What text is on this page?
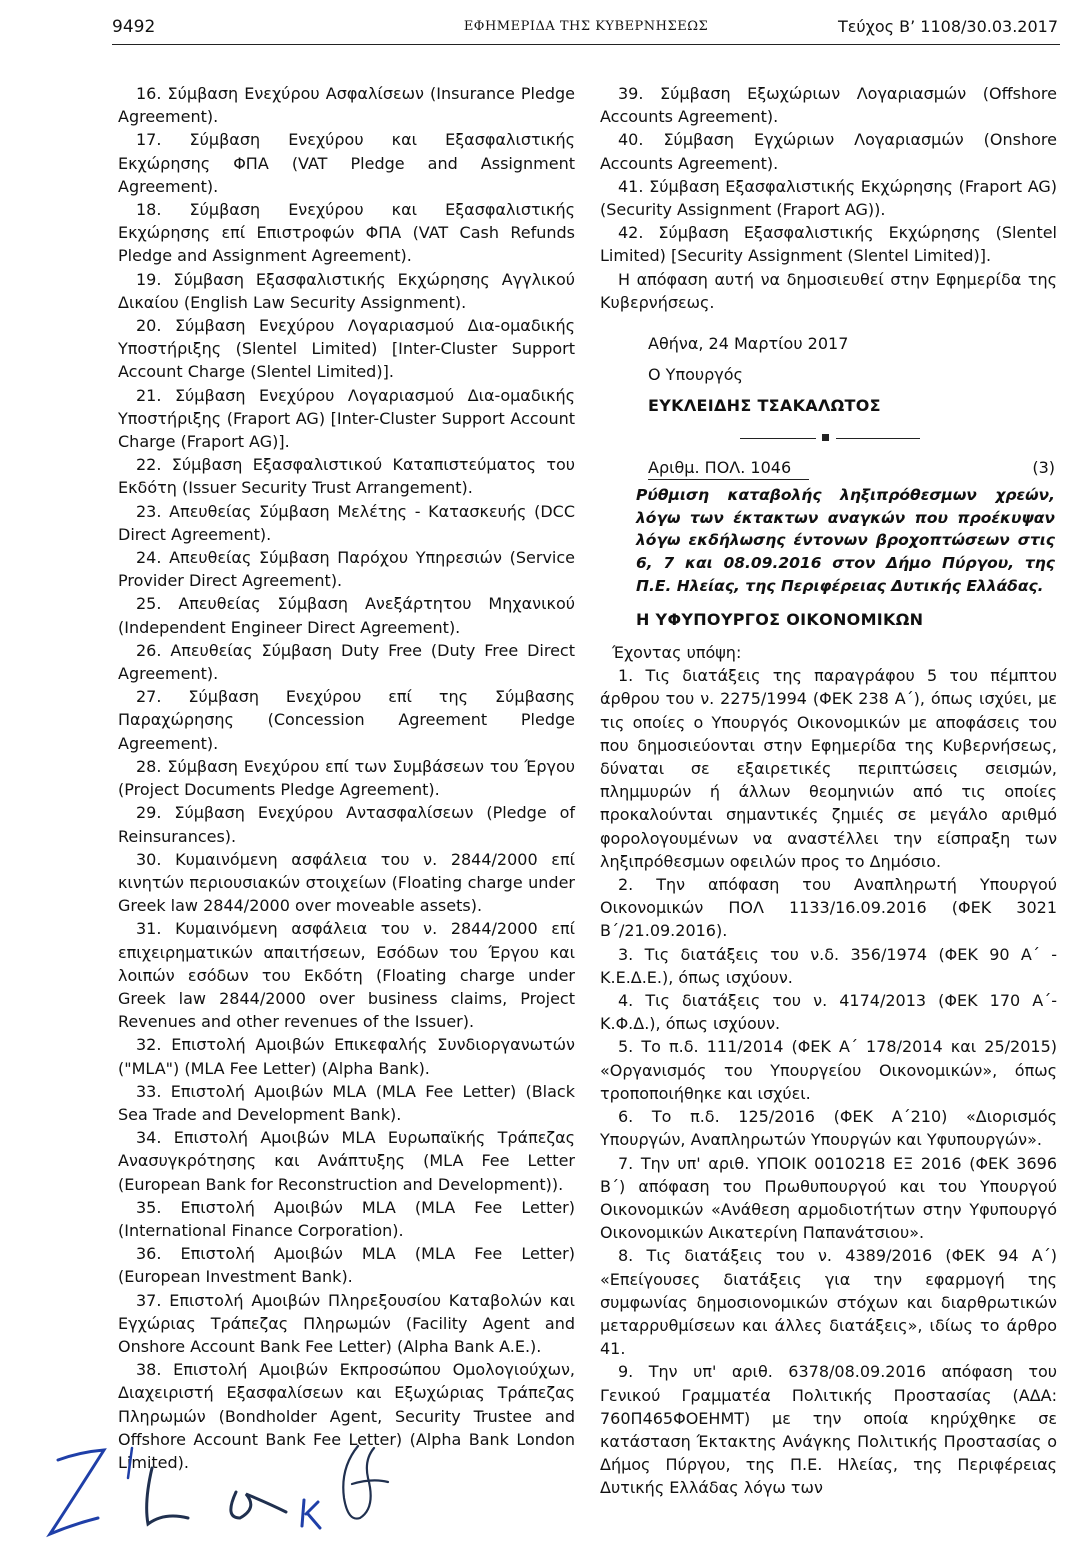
9492	ΕΦΗΜΕΡΙΔΑ ΤΗΣ ΚΥΒΕΡΝΗΣΕΩΣ	Τεύχος Β’ 1108/30.03.2017

16. Σύμβαση Ενεχύρου Ασφαλίσεων (Insurance Pledge Agreement).

17. Σύμβαση Ενεχύρου και Εξασφαλιστικής Εκχώρησης ΦΠΑ (VAT Pledge and Assignment Agreement).

18. Σύμβαση Ενεχύρου και Εξασφαλιστικής Εκχώρησης επί Επιστροφών ΦΠΑ (VAT Cash Refunds Pledge and Assignment Agreement).

19. Σύμβαση Εξασφαλιστικής Εκχώρησης Αγγλικού Δικαίου (English Law Security Assignment).

20. Σύμβαση Ενεχύρου Λογαριασμού Δια-ομαδικής Υποστήριξης (Slentel Limited) [Inter-Cluster Support Account Charge (Slentel Limited)].

21. Σύμβαση Ενεχύρου Λογαριασμού Δια-ομαδικής Υποστήριξης (Fraport AG) [Inter-Cluster Support Account Charge (Fraport AG)].

22. Σύμβαση Εξασφαλιστικού Καταπιστεύματος του Εκδότη (Issuer Security Trust Arrangement).

23. Απευθείας Σύμβαση Μελέτης - Κατασκευής (DCC Direct Agreement).

24. Απευθείας Σύμβαση Παρόχου Υπηρεσιών (Service Provider Direct Agreement).

25. Απευθείας Σύμβαση Ανεξάρτητου Μηχανικού (Independent Engineer Direct Agreement).

26. Απευθείας Σύμβαση Duty Free (Duty Free Direct Agreement).

27. Σύμβαση Ενεχύρου επί της Σύμβασης Παραχώρησης (Concession Agreement Pledge Agreement).

28. Σύμβαση Ενεχύρου επί των Συμβάσεων του Έργου (Project Documents Pledge Agreement).

29. Σύμβαση Ενεχύρου Αντασφαλίσεων (Pledge of Reinsurances).

30. Κυμαινόμενη ασφάλεια του ν. 2844/2000 επί κινητών περιουσιακών στοιχείων (Floating charge under Greek law 2844/2000 over moveable assets).

31. Κυμαινόμενη ασφάλεια του ν. 2844/2000 επί επιχειρηματικών απαιτήσεων, Εσόδων του Έργου και λοιπών εσόδων του Εκδότη (Floating charge under Greek law 2844/2000 over business claims, Project Revenues and other revenues of the Issuer).

32. Επιστολή Αμοιβών Επικεφαλής Συνδιοργανωτών ("MLA") (MLA Fee Letter) (Alpha Bank).

33. Επιστολή Αμοιβών MLA (MLA Fee Letter) (Black Sea Trade and Development Bank).

34. Επιστολή Αμοιβών MLA Ευρωπαϊκής Τράπεζας Ανασυγκρότησης και Ανάπτυξης (MLA Fee Letter (European Bank for Reconstruction and Development)).

35. Επιστολή Αμοιβών MLA (MLA Fee Letter) (International Finance Corporation).

36. Επιστολή Αμοιβών MLA (MLA Fee Letter) (European Investment Bank).

37. Επιστολή Αμοιβών Πληρεξουσίου Καταβολών και Εγχώριας Τράπεζας Πληρωμών (Facility Agent and Onshore Account Bank Fee Letter) (Alpha Bank A.E.).

38. Επιστολή Αμοιβών Εκπροσώπου Ομολογιούχων, Διαχειριστή Εξασφαλίσεων και Εξωχώριας Τράπεζας Πληρωμών (Bondholder Agent, Security Trustee and Offshore Account Bank Fee Letter) (Alpha Bank London Limited).

39. Σύμβαση Εξωχώριων Λογαριασμών (Offshore Accounts Agreement).

40. Σύμβαση Εγχώριων Λογαριασμών (Onshore Accounts Agreement).

41. Σύμβαση Εξασφαλιστικής Εκχώρησης (Fraport AG) (Security Assignment (Fraport AG)).

42. Σύμβαση Εξασφαλιστικής Εκχώρησης (Slentel Limited) [Security Assignment (Slentel Limited)].

Η απόφαση αυτή να δημοσιευθεί στην Εφημερίδα της Κυβερνήσεως.

Αθήνα, 24 Μαρτίου 2017

Ο Υπουργός

ΕΥΚΛΕΙΔΗΣ ΤΣΑΚΑΛΩΤΟΣ

Αριθμ. ΠΟΛ. 1046	(3)

Ρύθμιση καταβολής ληξιπρόθεσμων χρεών, λόγω των έκτακτων αναγκών που προέκυψαν λόγω εκδήλωσης έντονων βροχοπτώσεων στις 6, 7 και 08.09.2016 στον Δήμο Πύργου, της Π.Ε. Ηλείας, της Περιφέρειας Δυτικής Ελλάδας.

Η ΥΦΥΠΟΥΡΓΟΣ ΟΙΚΟΝΟΜΙΚΩΝ

Έχοντας υπόψη:

1. Τις διατάξεις της παραγράφου 5 του πέμπτου άρθρου του ν. 2275/1994 (ΦΕΚ 238 Α΄), όπως ισχύει, με τις οποίες ο Υπουργός Οικονομικών με αποφάσεις του που δημοσιεύονται στην Εφημερίδα της Κυβερνήσεως, δύναται σε εξαιρετικές περιπτώσεις σεισμών, πλημμυρών ή άλλων θεομηνιών από τις οποίες προκαλούνται σημαντικές ζημιές σε μεγάλο αριθμό φορολογουμένων να αναστέλλει την είσπραξη των ληξιπρόθεσμων οφειλών προς το Δημόσιο.

2. Την απόφαση του Αναπληρωτή Υπουργού Οικονομικών ΠΟΛ 1133/16.09.2016 (ΦΕΚ 3021 Β΄/21.09.2016).

3. Τις διατάξεις του ν.δ. 356/1974 (ΦΕΚ 90 Α΄ - Κ.Ε.Δ.Ε.), όπως ισχύουν.

4. Τις διατάξεις του ν. 4174/2013 (ΦΕΚ 170 Α΄- Κ.Φ.Δ.), όπως ισχύουν.

5. Το π.δ. 111/2014 (ΦΕΚ Α΄ 178/2014 και 25/2015) «Οργανισμός του Υπουργείου Οικονομικών», όπως τροποποιήθηκε και ισχύει.

6. Το π.δ. 125/2016 (ΦΕΚ Α΄210) «Διορισμός Υπουργών, Αναπληρωτών Υπουργών και Υφυπουργών».

7. Την υπ' αριθ. ΥΠΟΙΚ 0010218 ΕΞ 2016 (ΦΕΚ 3696 Β΄) απόφαση του Πρωθυπουργού και του Υπουργού Οικονομικών «Ανάθεση αρμοδιοτήτων στην Υφυπουργό Οικονομικών Αικατερίνη Παπανάτσιου».

8. Τις διατάξεις του ν. 4389/2016 (ΦΕΚ 94 Α΄) «Επείγουσες διατάξεις για την εφαρμογή της συμφωνίας δημοσιονομικών στόχων και διαρθρωτικών μεταρρυθμίσεων και άλλες διατάξεις», ιδίως το άρθρο 41.

9. Την υπ' αριθ. 6378/08.09.2016 απόφαση του Γενικού Γραμματέα Πολιτικής Προστασίας (ΑΔΑ: 760Π465ΦΟΕΗΜΤ) με την οποία κηρύχθηκε σε κατάσταση Έκτακτης Ανάγκης Πολιτικής Προστασίας ο Δήμος Πύργου, της Π.Ε. Ηλείας, της Περιφέρειας Δυτικής Ελλάδας λόγω των
